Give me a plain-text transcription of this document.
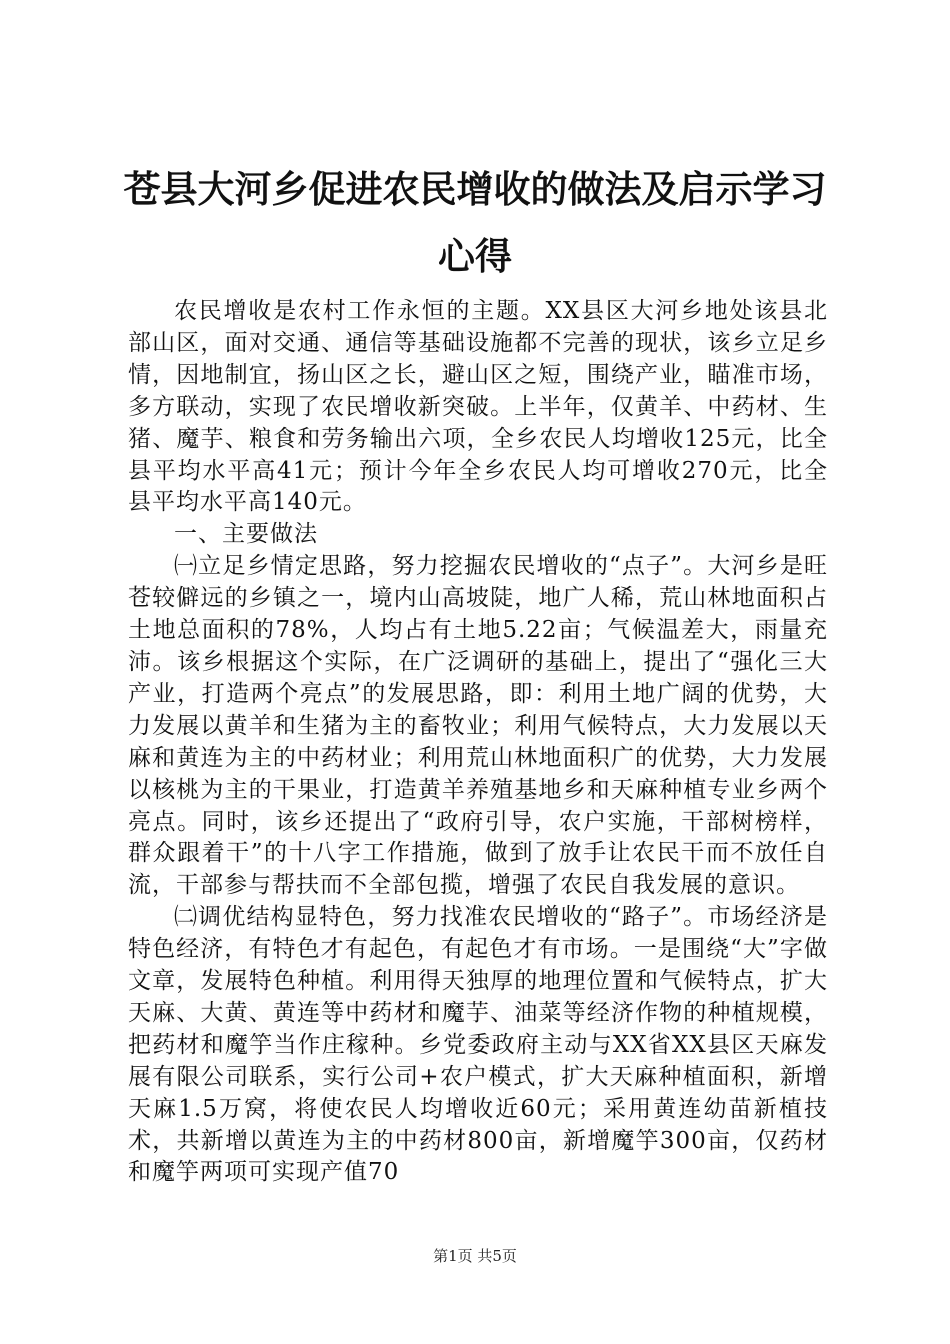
苍县大河乡促进农民增收的做法及启示学习心得

农民增收是农村工作永恒的主题。XX县区大河乡地处该县北部山区，面对交通、通信等基础设施都不完善的现状，该乡立足乡情，因地制宜，扬山区之长，避山区之短，围绕产业，瞄准市场，多方联动，实现了农民增收新突破。上半年，仅黄羊、中药材、生猪、魔芋、粮食和劳务输出六项，全乡农民人均增收125元，比全县平均水平高41元；预计今年全乡农民人均可增收270元，比全县平均水平高140元。

一、主要做法

㈠立足乡情定思路，努力挖掘农民增收的“点子”。大河乡是旺苍较僻远的乡镇之一，境内山高坡陡，地广人稀，荒山林地面积占土地总面积的78%，人均占有土地5.22亩；气候温差大，雨量充沛。该乡根据这个实际，在广泛调研的基础上，提出了“强化三大产业，打造两个亮点”的发展思路，即：利用土地广阔的优势，大力发展以黄羊和生猪为主的畜牧业；利用气候特点，大力发展以天麻和黄连为主的中药材业；利用荒山林地面积广的优势，大力发展以核桃为主的干果业，打造黄羊养殖基地乡和天麻种植专业乡两个亮点。同时，该乡还提出了“政府引导，农户实施，干部树榜样，群众跟着干”的十八字工作措施，做到了放手让农民干而不放任自流，干部参与帮扶而不全部包揽，增强了农民自我发展的意识。

㈡调优结构显特色，努力找准农民增收的“路子”。市场经济是特色经济，有特色才有起色，有起色才有市场。一是围绕“大”字做文章，发展特色种植。利用得天独厚的地理位置和气候特点，扩大天麻、大黄、黄连等中药材和魔芋、油菜等经济作物的种植规模，把药材和魔竽当作庄稼种。乡党委政府主动与XX省XX县区天麻发展有限公司联系，实行公司+农户模式，扩大天麻种植面积，新增天麻1.5万窝，将使农民人均增收近60元；采用黄连幼苗新植技术，共新增以黄连为主的中药材800亩，新增魔竽300亩，仅药材和魔竽两项可实现产值70

第1页 共5页
